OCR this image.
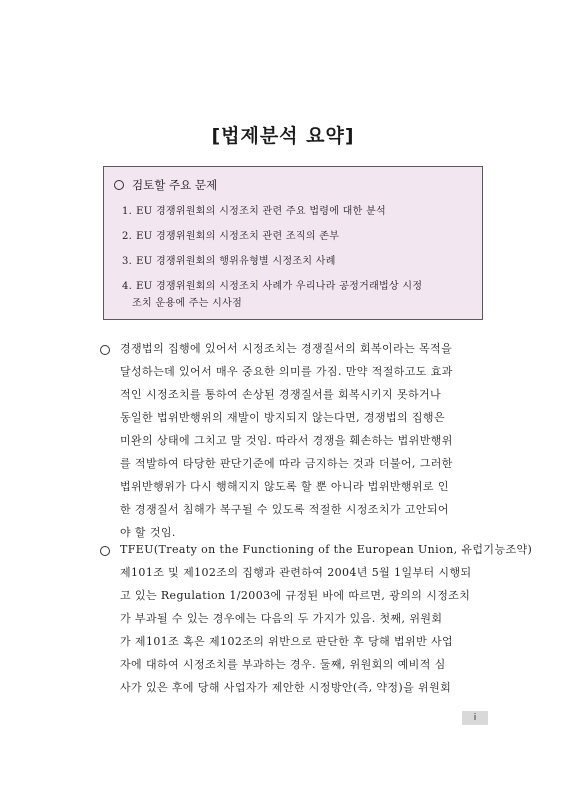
[법제분석 요약]
검토할 주요 문제
1. EU 경쟁위원회의 시정조치 관련 주요 법령에 대한 분석
2. EU 경쟁위원회의 시정조치 관련 조직의 존부
3. EU 경쟁위원회의 행위유형별 시정조치 사례
4. EU 경쟁위원회의 시정조치 사례가 우리나라 공정거래법상 시정
조치 운용에 주는 시사점
경쟁법의 집행에 있어서 시정조치는 경쟁질서의 회복이라는 목적을
달성하는데 있어서 매우 중요한 의미를 가짐. 만약 적절하고도 효과
적인 시정조치를 통하여 손상된 경쟁질서를 회복시키지 못하거나
동일한 법위반행위의 재발이 방지되지 않는다면, 경쟁법의 집행은
미완의 상태에 그치고 말 것임. 따라서 경쟁을 훼손하는 법위반행위
를 적발하여 타당한 판단기준에 따라 금지하는 것과 더불어, 그러한
법위반행위가 다시 행해지지 않도록 할 뿐 아니라 법위반행위로 인
한 경쟁질서 침해가 복구될 수 있도록 적절한 시정조치가 고안되어
야 할 것임.
TFEU(Treaty on the Functioning of the European Union, 유럽기능조약)
제101조 및 제102조의 집행과 관련하여 2004년 5월 1일부터 시행되
고 있는 Regulation 1/2003에 규정된 바에 따르면, 광의의 시정조치
가 부과될 수 있는 경우에는 다음의 두 가지가 있음. 첫째, 위원회
가 제101조 혹은 제102조의 위반으로 판단한 후 당해 법위반 사업
자에 대하여 시정조치를 부과하는 경우. 둘째, 위원회의 예비적 심
사가 있은 후에 당해 사업자가 제안한 시정방안(즉, 약정)을 위원회
i
